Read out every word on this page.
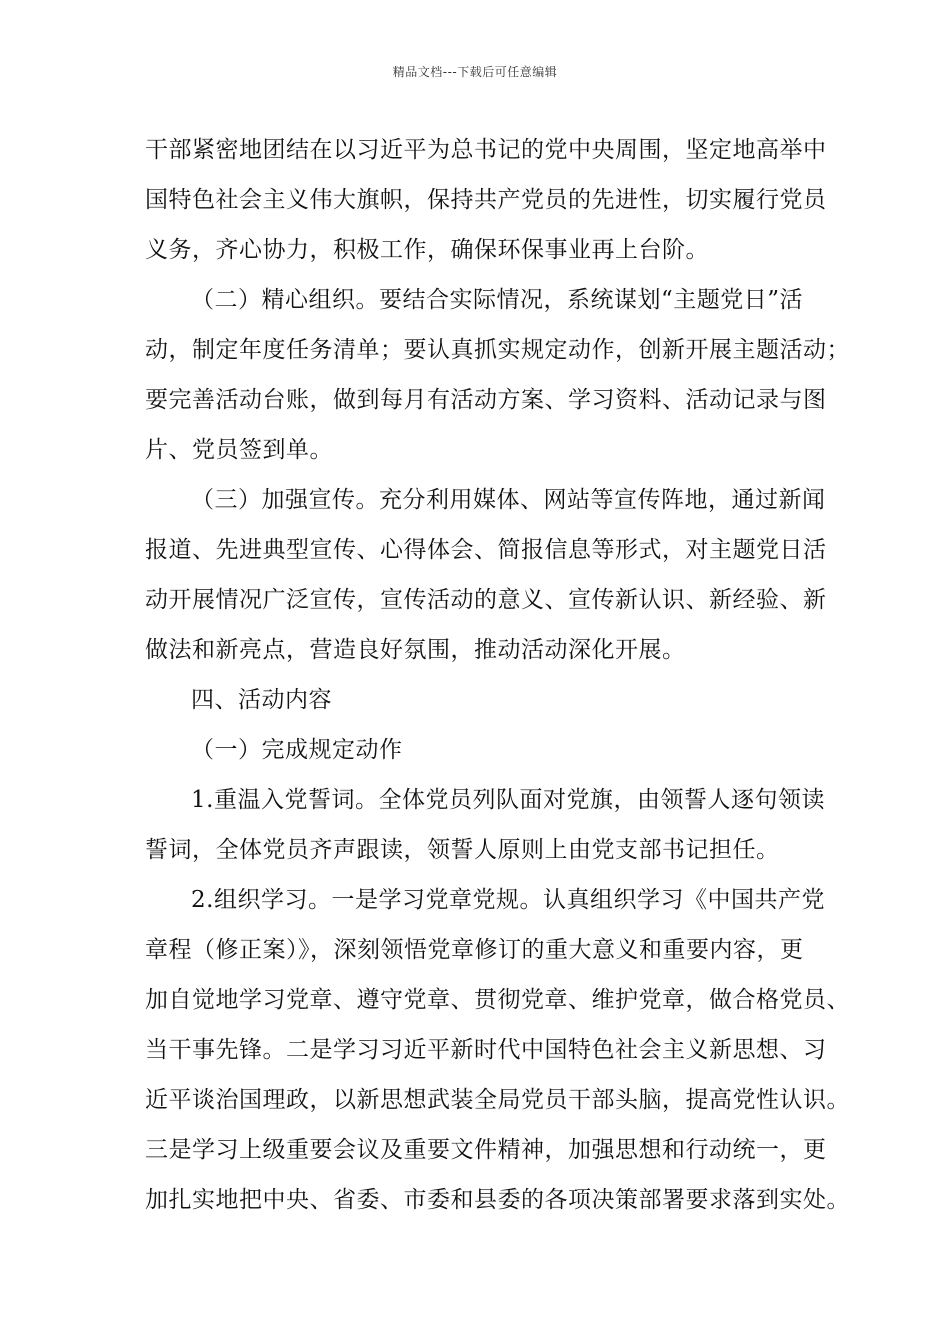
精品文档---下载后可任意编辑
干部紧密地团结在以习近平为总书记的党中央周围，坚定地高举中
国特色社会主义伟大旗帜，保持共产党员的先进性，切实履行党员
义务，齐心协力，积极工作，确保环保事业再上台阶。
（二）精心组织。要结合实际情况，系统谋划“主题党日”活
动，制定年度任务清单；要认真抓实规定动作，创新开展主题活动；
要完善活动台账，做到每月有活动方案、学习资料、活动记录与图
片、党员签到单。
（三）加强宣传。充分利用媒体、网站等宣传阵地，通过新闻
报道、先进典型宣传、心得体会、简报信息等形式，对主题党日活
动开展情况广泛宣传，宣传活动的意义、宣传新认识、新经验、新
做法和新亮点，营造良好氛围，推动活动深化开展。
四、活动内容
（一）完成规定动作
1.重温入党誓词。全体党员列队面对党旗，由领誓人逐句领读
誓词，全体党员齐声跟读，领誓人原则上由党支部书记担任。
2.组织学习。一是学习党章党规。认真组织学习《中国共产党
章程（修正案）》，深刻领悟党章修订的重大意义和重要内容，更
加自觉地学习党章、遵守党章、贯彻党章、维护党章，做合格党员、
当干事先锋。二是学习习近平新时代中国特色社会主义新思想、习
近平谈治国理政，以新思想武装全局党员干部头脑，提高党性认识。
三是学习上级重要会议及重要文件精神，加强思想和行动统一，更
加扎实地把中央、省委、市委和县委的各项决策部署要求落到实处。
